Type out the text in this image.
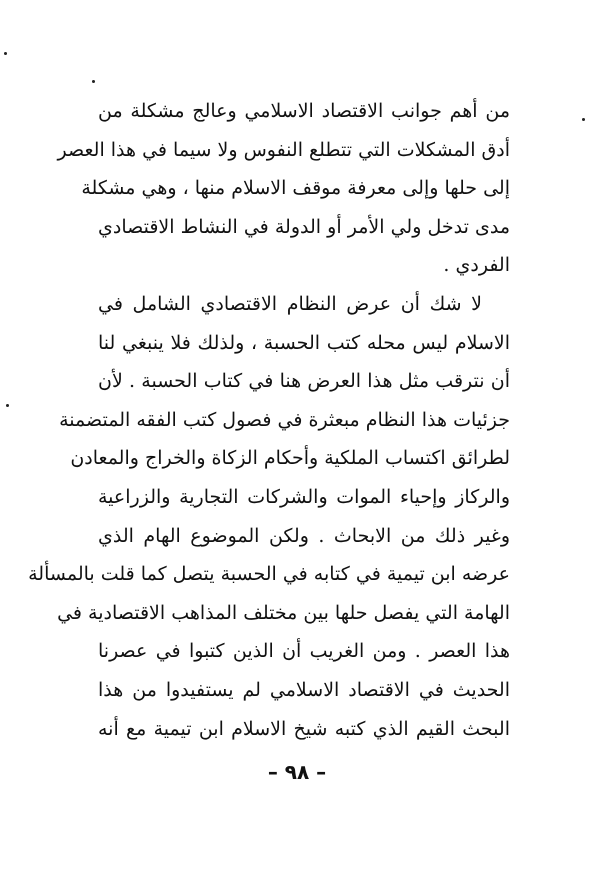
من أهم جوانب الاقتصاد الاسلامي وعالج مشكلة من
أدق المشكلات التي تتطلع النفوس ولا سيما في هذا العصر
إلى حلها وإلى معرفة موقف الاسلام منها ، وهي مشكلة
مدى تدخل ولي الأمر أو الدولة في النشاط الاقتصادي
الفردي .
لا شك أن عرض النظام الاقتصادي الشامل في
الاسلام ليس محله كتب الحسبة ، ولذلك فلا ينبغي لنا
أن نترقب مثل هذا العرض هنا في كتاب الحسبة . لأن
جزئيات هذا النظام مبعثرة في فصول كتب الفقه المتضمنة
لطرائق اكتساب الملكية وأحكام الزكاة والخراج والمعادن
والركاز وإحياء الموات والشركات التجارية والزراعية
وغير ذلك من الابحاث . ولكن الموضوع الهام الذي
عرضه ابن تيمية في كتابه في الحسبة يتصل كما قلت بالمسألة
الهامة التي يفصل حلها بين مختلف المذاهب الاقتصادية في
هذا العصر . ومن الغريب أن الذين كتبوا في عصرنا
الحديث في الاقتصاد الاسلامي لم يستفيدوا من هذا
البحث القيم الذي كتبه شيخ الاسلام ابن تيمية مع أنه
– ٩٨ –
